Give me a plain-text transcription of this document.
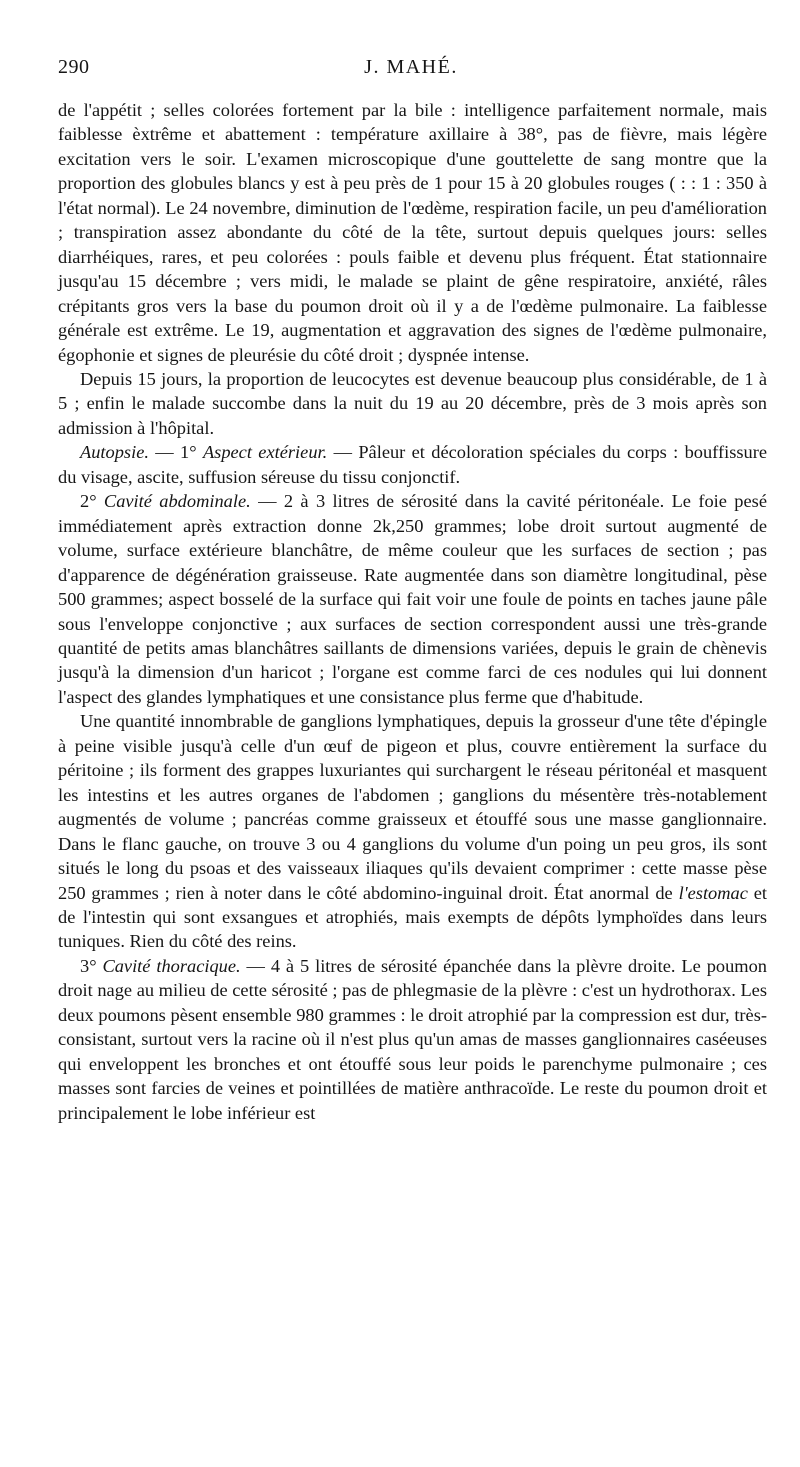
290	J. MAHÉ.

de l'appétit ; selles colorées fortement par la bile : intelligence parfaitement normale, mais faiblesse èxtrême et abattement : température axillaire à 38°, pas de fièvre, mais légère excitation vers le soir. L'examen microscopique d'une gouttelette de sang montre que la proportion des globules blancs y est à peu près de 1 pour 15 à 20 globules rouges ( : : 1 : 350 à l'état normal). Le 24 novembre, diminution de l'œdème, respiration facile, un peu d'amélioration ; transpiration assez abondante du côté de la tête, surtout depuis quelques jours: selles diarrhéiques, rares, et peu colorées : pouls faible et devenu plus fréquent. État stationnaire jusqu'au 15 décembre ; vers midi, le malade se plaint de gêne respiratoire, anxiété, râles crépitants gros vers la base du poumon droit où il y a de l'œdème pulmonaire. La faiblesse générale est extrême. Le 19, augmentation et aggravation des signes de l'œdème pulmonaire, égophonie et signes de pleurésie du côté droit ; dyspnée intense.

Depuis 15 jours, la proportion de leucocytes est devenue beaucoup plus considérable, de 1 à 5 ; enfin le malade succombe dans la nuit du 19 au 20 décembre, près de 3 mois après son admission à l'hôpital.

Autopsie. — 1° Aspect extérieur. — Pâleur et décoloration spéciales du corps : bouffissure du visage, ascite, suffusion séreuse du tissu conjonctif.

2° Cavité abdominale. — 2 à 3 litres de sérosité dans la cavité péritonéale. Le foie pesé immédiatement après extraction donne 2k,250 grammes; lobe droit surtout augmenté de volume, surface extérieure blanchâtre, de même couleur que les surfaces de section ; pas d'apparence de dégénération graisseuse. Rate augmentée dans son diamètre longitudinal, pèse 500 grammes; aspect bosselé de la surface qui fait voir une foule de points en taches jaune pâle sous l'enveloppe conjonctive ; aux surfaces de section correspondent aussi une très-grande quantité de petits amas blanchâtres saillants de dimensions variées, depuis le grain de chènevis jusqu'à la dimension d'un haricot ; l'organe est comme farci de ces nodules qui lui donnent l'aspect des glandes lymphatiques et une consistance plus ferme que d'habitude.

Une quantité innombrable de ganglions lymphatiques, depuis la grosseur d'une tête d'épingle à peine visible jusqu'à celle d'un œuf de pigeon et plus, couvre entièrement la surface du péritoine ; ils forment des grappes luxuriantes qui surchargent le réseau péritonéal et masquent les intestins et les autres organes de l'abdomen ; ganglions du mésentère très-notablement augmentés de volume ; pancréas comme graisseux et étouffé sous une masse ganglionnaire. Dans le flanc gauche, on trouve 3 ou 4 ganglions du volume d'un poing un peu gros, ils sont situés le long du psoas et des vaisseaux iliaques qu'ils devaient comprimer : cette masse pèse 250 grammes ; rien à noter dans le côté abdomino-inguinal droit. État anormal de l'estomac et de l'intestin qui sont exsangues et atrophiés, mais exempts de dépôts lymphoïdes dans leurs tuniques. Rien du côté des reins.

3° Cavité thoracique. — 4 à 5 litres de sérosité épanchée dans la plèvre droite. Le poumon droit nage au milieu de cette sérosité ; pas de phlegmasie de la plèvre : c'est un hydrothorax. Les deux poumons pèsent ensemble 980 grammes : le droit atrophié par la compression est dur, très-consistant, surtout vers la racine où il n'est plus qu'un amas de masses ganglionnaires caséeuses qui enveloppent les bronches et ont étouffé sous leur poids le parenchyme pulmonaire ; ces masses sont farcies de veines et pointillées de matière anthracoïde. Le reste du poumon droit et principalement le lobe inférieur est
